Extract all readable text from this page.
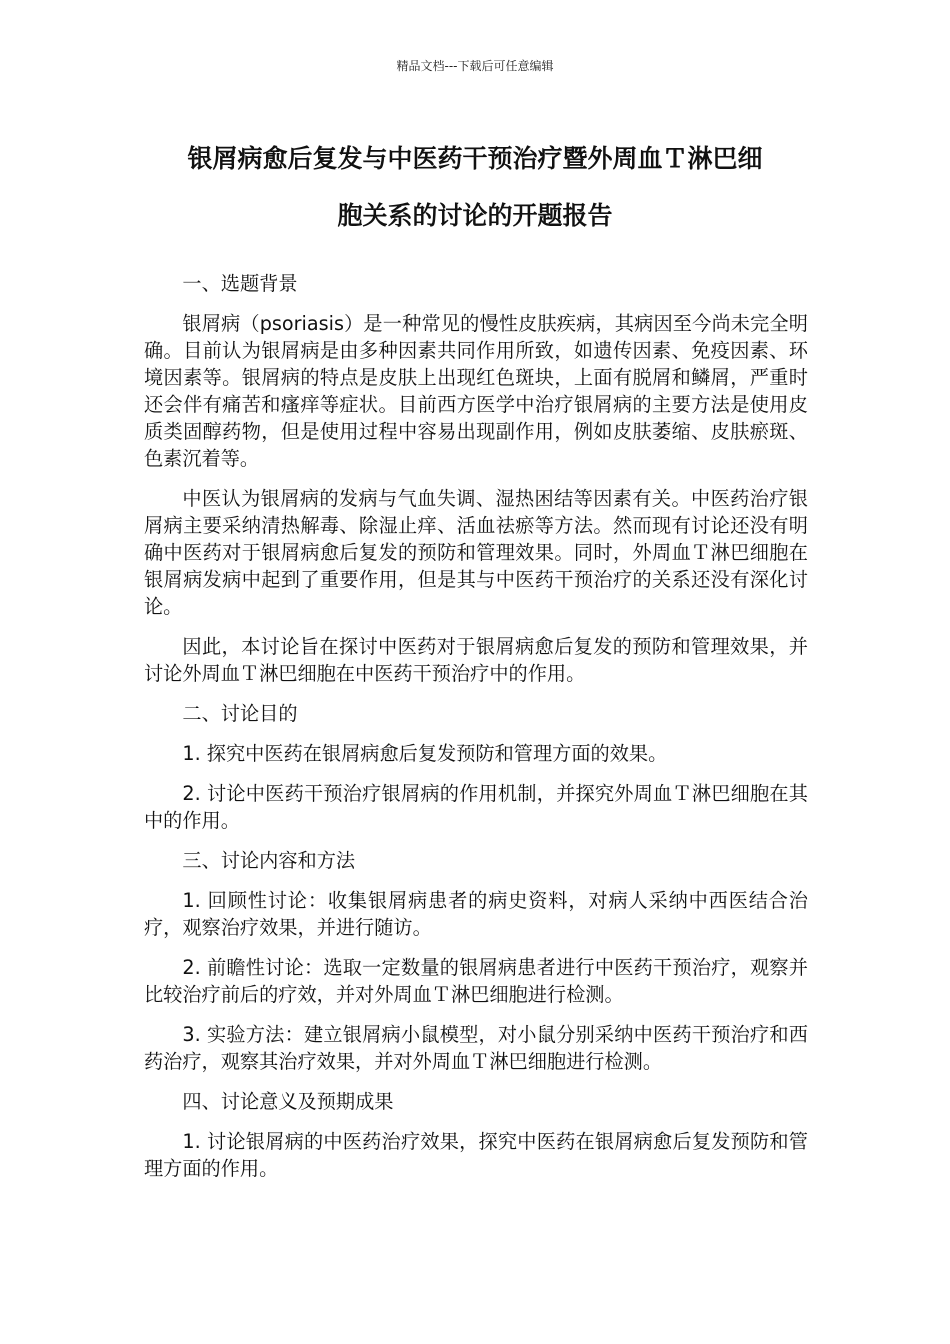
精品文档---下载后可任意编辑
银屑病愈后复发与中医药干预治疗暨外周血Ｔ淋巴细
胞关系的讨论的开题报告

一、选题背景

银屑病（psoriasis）是一种常见的慢性皮肤疾病，其病因至今尚未完全明确。目前认为银屑病是由多种因素共同作用所致，如遗传因素、免疫因素、环境因素等。银屑病的特点是皮肤上出现红色斑块，上面有脱屑和鳞屑，严重时还会伴有痛苦和瘙痒等症状。目前西方医学中治疗银屑病的主要方法是使用皮质类固醇药物，但是使用过程中容易出现副作用，例如皮肤萎缩、皮肤瘀斑、色素沉着等。

中医认为银屑病的发病与气血失调、湿热困结等因素有关。中医药治疗银屑病主要采纳清热解毒、除湿止痒、活血祛瘀等方法。然而现有讨论还没有明确中医药对于银屑病愈后复发的预防和管理效果。同时，外周血Ｔ淋巴细胞在银屑病发病中起到了重要作用，但是其与中医药干预治疗的关系还没有深化讨论。

因此，本讨论旨在探讨中医药对于银屑病愈后复发的预防和管理效果，并讨论外周血Ｔ淋巴细胞在中医药干预治疗中的作用。

二、讨论目的

1. 探究中医药在银屑病愈后复发预防和管理方面的效果。

2. 讨论中医药干预治疗银屑病的作用机制，并探究外周血Ｔ淋巴细胞在其中的作用。

三、讨论内容和方法

1. 回顾性讨论：收集银屑病患者的病史资料，对病人采纳中西医结合治疗，观察治疗效果，并进行随访。

2. 前瞻性讨论：选取一定数量的银屑病患者进行中医药干预治疗，观察并比较治疗前后的疗效，并对外周血Ｔ淋巴细胞进行检测。

3. 实验方法：建立银屑病小鼠模型，对小鼠分别采纳中医药干预治疗和西药治疗，观察其治疗效果，并对外周血Ｔ淋巴细胞进行检测。

四、讨论意义及预期成果

1. 讨论银屑病的中医药治疗效果，探究中医药在银屑病愈后复发预防和管理方面的作用。
